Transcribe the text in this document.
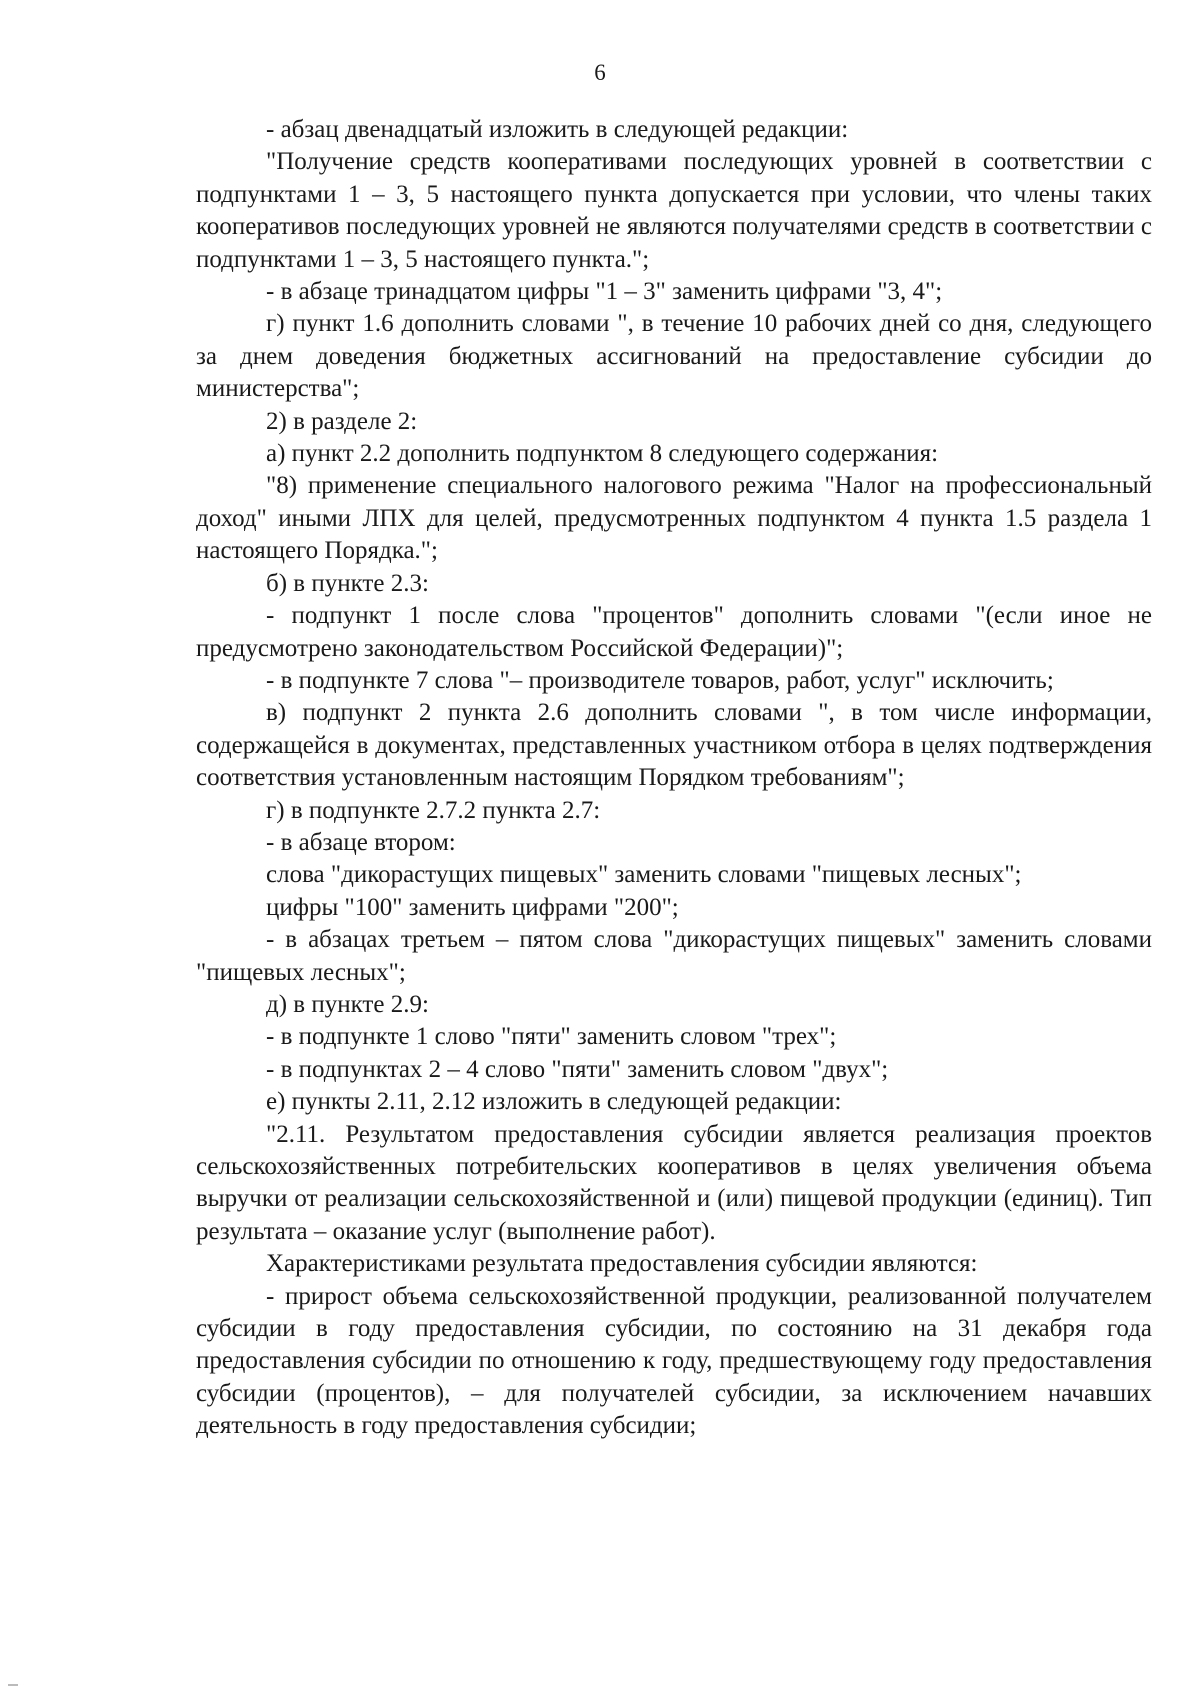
6

- абзац двенадцатый изложить в следующей редакции:

"Получение средств кооперативами последующих уровней в соответствии с подпунктами 1 – 3, 5 настоящего пункта допускается при условии, что члены таких кооперативов последующих уровней не являются получателями средств в соответствии с подпунктами 1 – 3, 5 настоящего пункта.";

- в абзаце тринадцатом цифры "1 – 3" заменить цифрами "3, 4";

г) пункт 1.6 дополнить словами ", в течение 10 рабочих дней со дня, следующего за днем доведения бюджетных ассигнований на предоставление субсидии до министерства";

2) в разделе 2:

а) пункт 2.2 дополнить подпунктом 8 следующего содержания:

"8) применение специального налогового режима "Налог на профессиональный доход" иными ЛПХ для целей, предусмотренных подпунктом 4 пункта 1.5 раздела 1 настоящего Порядка.";

б) в пункте 2.3:

- подпункт 1 после слова "процентов" дополнить словами "(если иное не предусмотрено законодательством Российской Федерации)";

- в подпункте 7 слова "– производителе товаров, работ, услуг" исключить;

в) подпункт 2 пункта 2.6 дополнить словами ", в том числе информации, содержащейся в документах, представленных участником отбора в целях подтверждения соответствия установленным настоящим Порядком требованиям";

г) в подпункте 2.7.2 пункта 2.7:

- в абзаце втором:

слова "дикорастущих пищевых" заменить словами "пищевых лесных";

цифры "100" заменить цифрами "200";

- в абзацах третьем – пятом слова "дикорастущих пищевых" заменить словами "пищевых лесных";

д) в пункте 2.9:

- в подпункте 1 слово "пяти" заменить словом "трех";

- в подпунктах 2 – 4 слово "пяти" заменить словом "двух";

е) пункты 2.11, 2.12 изложить в следующей редакции:

"2.11. Результатом предоставления субсидии является реализация проектов сельскохозяйственных потребительских кооперативов в целях увеличения объема выручки от реализации сельскохозяйственной и (или) пищевой продукции (единиц). Тип результата – оказание услуг (выполнение работ).

Характеристиками результата предоставления субсидии являются:

- прирост объема сельскохозяйственной продукции, реализованной получателем субсидии в году предоставления субсидии, по состоянию на 31 декабря года предоставления субсидии по отношению к году, предшествующему году предоставления субсидии (процентов), – для получателей субсидии, за исключением начавших деятельность в году предоставления субсидии;
